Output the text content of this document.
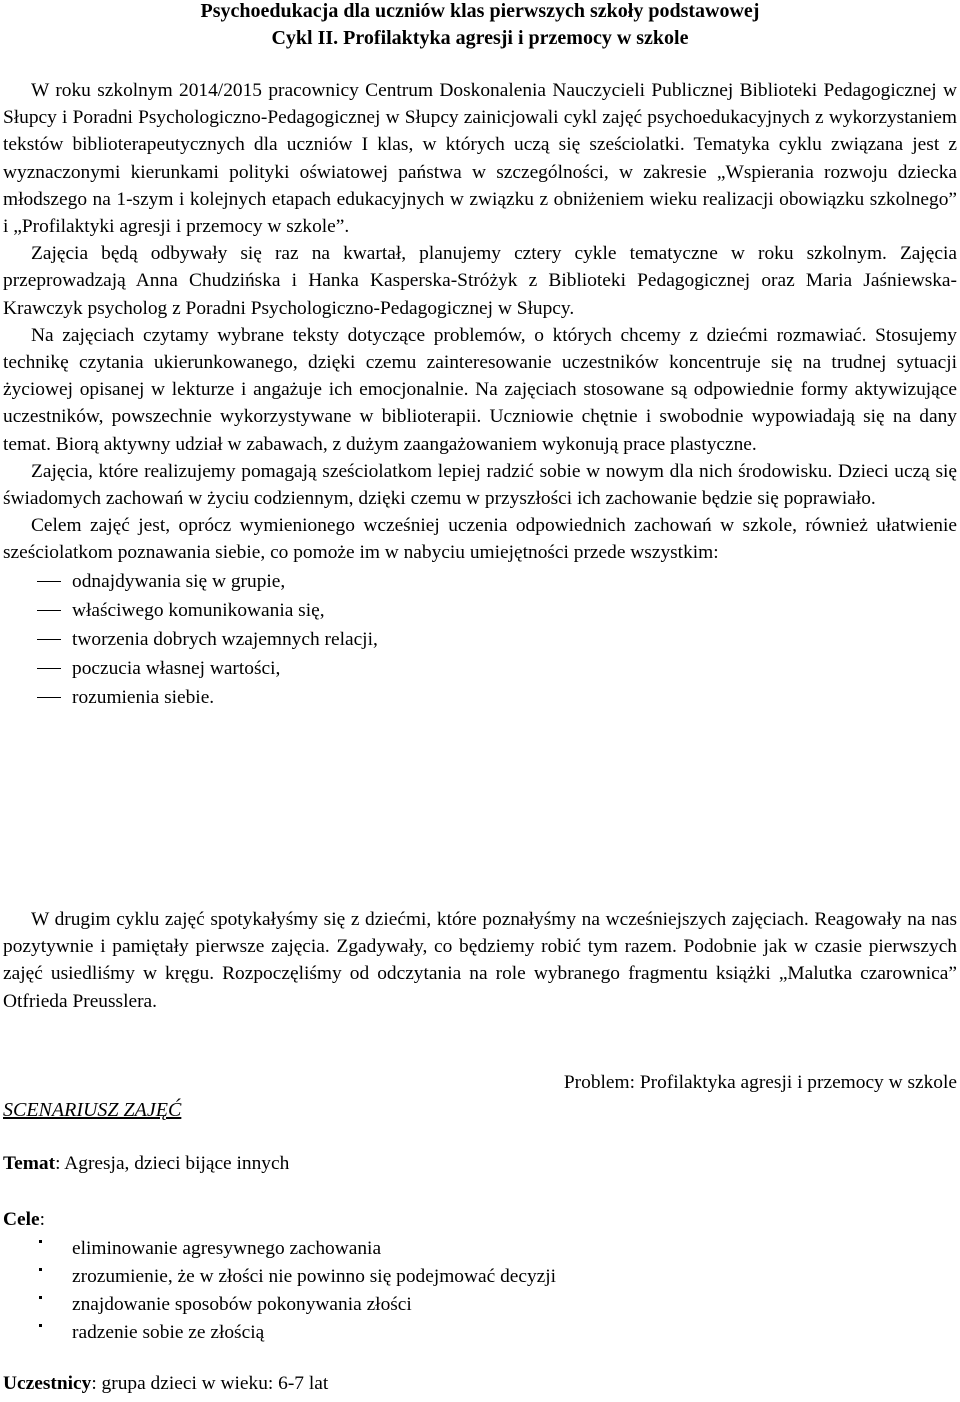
Psychoedukacja dla uczniów klas pierwszych szkoły podstawowej

Cykl II. Profilaktyka agresji i przemocy w szkole

W roku szkolnym 2014/2015 pracownicy Centrum Doskonalenia Nauczycieli Publicznej Biblioteki Pedagogicznej w Słupcy i Poradni Psychologiczno-Pedagogicznej w Słupcy zainicjowali cykl zajęć psychoedukacyjnych z wykorzystaniem tekstów biblioterapeutycznych dla uczniów I klas, w których uczą się sześciolatki. Tematyka cyklu związana jest z wyznaczonymi kierunkami polityki oświatowej państwa w szczególności, w zakresie „Wspierania rozwoju dziecka młodszego na 1-szym i kolejnych etapach edukacyjnych w związku z obniżeniem wieku realizacji obowiązku szkolnego” i „Profilaktyki agresji i przemocy w szkole”.

Zajęcia będą odbywały się raz na kwartał, planujemy cztery cykle tematyczne w roku szkolnym. Zajęcia przeprowadzają Anna Chudzińska i Hanka Kasperska-Stróżyk z Biblioteki Pedagogicznej oraz Maria Jaśniewska-Krawczyk psycholog z Poradni Psychologiczno-Pedagogicznej w Słupcy.

Na zajęciach czytamy wybrane teksty dotyczące problemów, o których chcemy z dziećmi rozmawiać. Stosujemy technikę czytania ukierunkowanego, dzięki czemu zainteresowanie uczestników koncentruje się na trudnej sytuacji życiowej opisanej w lekturze i angażuje ich emocjonalnie. Na zajęciach stosowane są odpowiednie formy aktywizujące uczestników, powszechnie wykorzystywane w biblioterapii. Uczniowie chętnie i swobodnie wypowiadają się na dany temat. Biorą aktywny udział w zabawach, z dużym zaangażowaniem wykonują prace plastyczne.

Zajęcia, które realizujemy pomagają sześciolatkom lepiej radzić sobie w nowym dla nich środowisku. Dzieci uczą się świadomych zachowań w życiu codziennym, dzięki czemu w przyszłości ich zachowanie będzie się poprawiało.

Celem zajęć jest, oprócz wymienionego wcześniej uczenia odpowiednich zachowań w szkole, również ułatwienie sześciolatkom poznawania siebie, co pomoże im w nabyciu umiejętności przede wszystkim:

odnajdywania się w grupie,
właściwego komunikowania się,
tworzenia dobrych wzajemnych relacji,
poczucia własnej wartości,
rozumienia siebie.

W drugim cyklu zajęć spotykałyśmy się z dziećmi, które poznałyśmy na wcześniejszych zajęciach. Reagowały na nas pozytywnie i pamiętały pierwsze zajęcia. Zgadywały, co będziemy robić tym razem. Podobnie jak w czasie pierwszych zajęć usiedliśmy w kręgu. Rozpoczęliśmy od odczytania na role wybranego fragmentu książki „Malutka czarownica” Otfrieda Preusslera.

Problem: Profilaktyka agresji i przemocy w szkole
SCENARIUSZ ZAJĘĆ
Temat: Agresja, dzieci bijące innych
Cele:
eliminowanie agresywnego zachowania
zrozumienie, że w złości nie powinno się podejmować decyzji
znajdowanie sposobów pokonywania złości
radzenie sobie ze złością
Uczestnicy: grupa dzieci w wieku: 6-7 lat
